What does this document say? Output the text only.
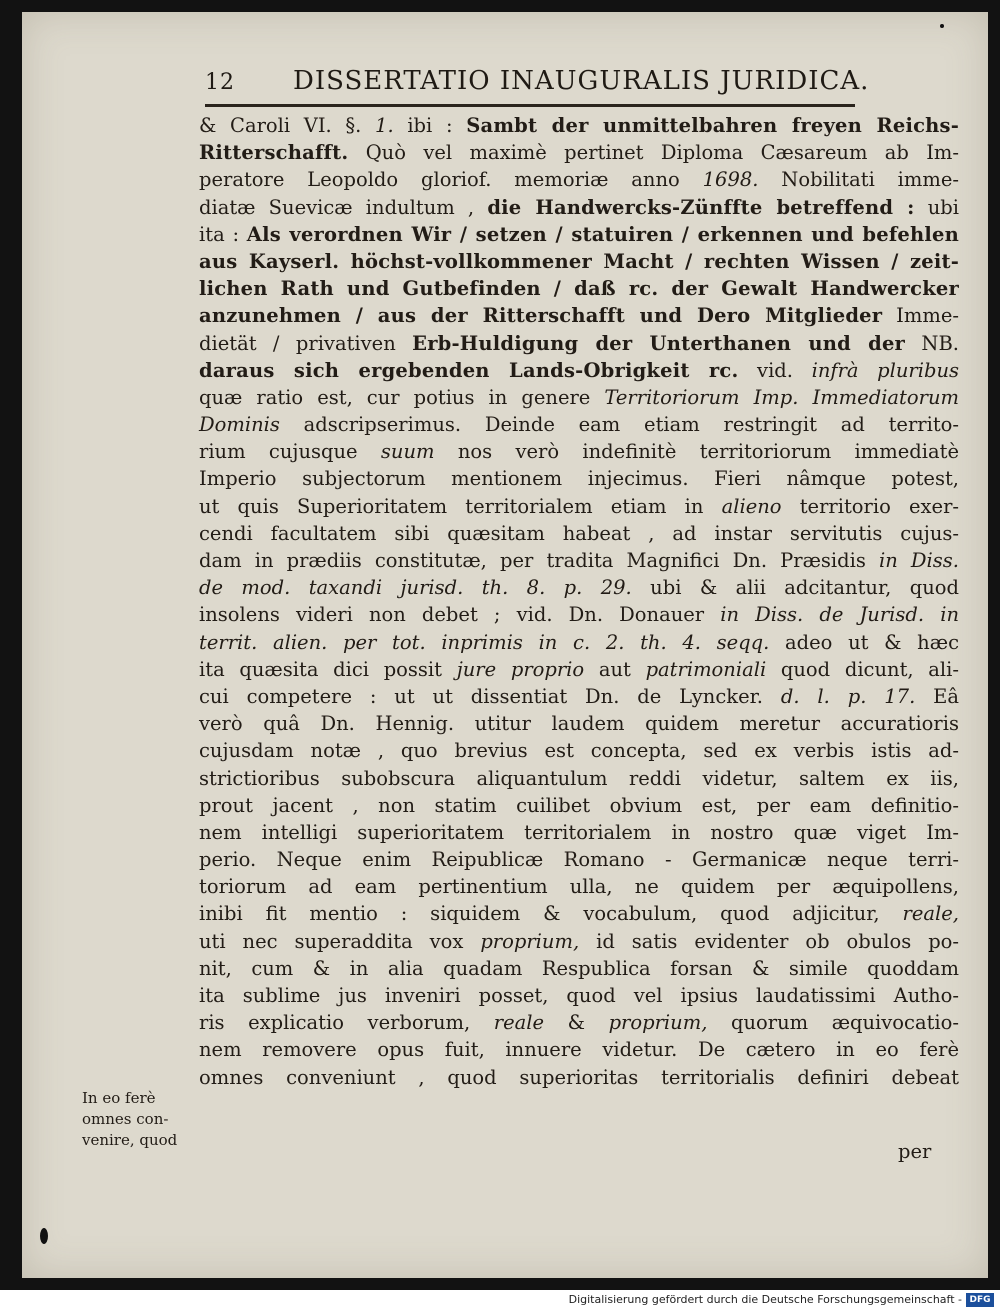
12 DISSERTATIO INAUGURALIS JURIDICA.
& Caroli VI. §. 1. ibi : Sambt der unmittelbahren freyen Reichs-
Ritterschafft. Quò vel maximè pertinet Diploma Cæsareum ab Im-
peratore Leopoldo gloriof. memoriæ anno 1698. Nobilitati imme-
diatæ Suevicæ indultum , die Handwercks-Zünffte betreffend : ubi
ita : Als verordnen Wir / setzen / statuiren / erkennen und befehlen
aus Kayserl. höchst-vollkommener Macht / rechten Wissen / zeit-
lichen Rath und Gutbefinden / daß rc. der Gewalt Handwercker
anzunehmen / aus der Ritterschafft und Dero Mitglieder Imme-
dietät / privativen Erb-Huldigung der Unterthanen und der NB.
daraus sich ergebenden Lands-Obrigkeit rc. vid. infrà pluribus
quæ ratio est, cur potius in genere Territoriorum Imp. Immediatorum
Dominis adscripserimus. Deinde eam etiam restringit ad territo-
rium cujusque suum nos verò indefinitè territoriorum immediatè
Imperio subjectorum mentionem injecimus. Fieri nâmque potest,
ut quis Superioritatem territorialem etiam in alieno territorio exer-
cendi facultatem sibi quæsitam habeat , ad instar servitutis cujus-
dam in prædiis constitutæ, per tradita Magnifici Dn. Præsidis in Diss.
de mod. taxandi jurisd. th. 8. p. 29. ubi & alii adcitantur, quod
insolens videri non debet ; vid. Dn. Donauer in Diss. de Jurisd. in
territ. alien. per tot. inprimis in c. 2. th. 4. seqq. adeo ut & hæc
ita quæsita dici possit jure proprio aut patrimoniali quod dicunt, ali-
cui competere : ut ut dissentiat Dn. de Lyncker. d. l. p. 17. Eâ
verò quâ Dn. Hennig. utitur laudem quidem meretur accuratioris
cujusdam notæ , quo brevius est concepta, sed ex verbis istis ad-
strictioribus subobscura aliquantulum reddi videtur, saltem ex iis,
prout jacent , non statim cuilibet obvium est, per eam definitio-
nem intelligi superioritatem territorialem in nostro quæ viget Im-
perio. Neque enim Reipublicæ Romano - Germanicæ neque terri-
toriorum ad eam pertinentium ulla, ne quidem per æquipollens,
inibi fit mentio : siquidem & vocabulum, quod adjicitur, reale,
uti nec superaddita vox proprium, id satis evidenter ob obulos po-
nit, cum & in alia quadam Respublica forsan & simile quoddam
ita sublime jus inveniri posset, quod vel ipsius laudatissimi Autho-
ris explicatio verborum, reale & proprium, quorum æquivocatio-
nem removere opus fuit, innuere videtur. De cætero in eo ferè
omnes conveniunt , quod superioritas territorialis definiri debeat
In eo ferè
omnes con-
venire, quod	per
Digitalisierung gefördert durch die Deutsche Forschungsgemeinschaft - DFG
